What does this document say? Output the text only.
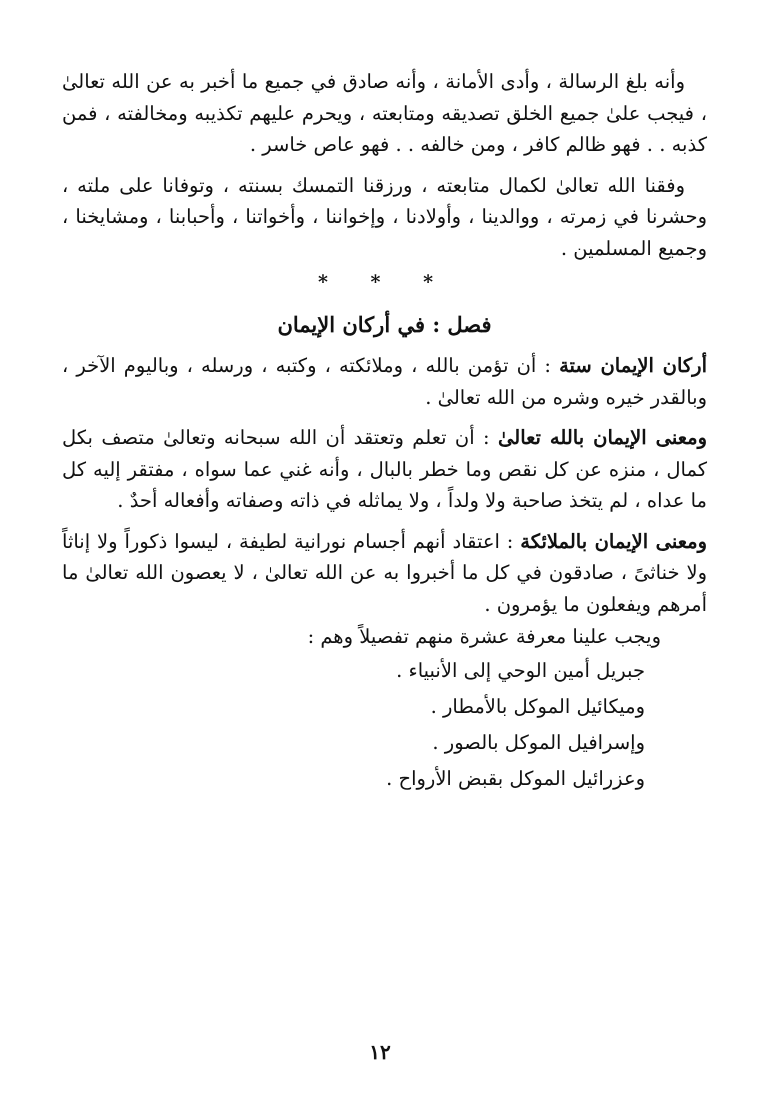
وأنه بلغ الرسالة ، وأدى الأمانة ، وأنه صادق في جميع ما أخبر به عن الله تعالىٰ ، فيجب علىٰ جميع الخلق تصديقه ومتابعته ، ويحرم عليهم تكذيبه ومخالفته ، فمن كذبه . . فهو ظالم كافر ، ومن خالفه . . فهو عاص خاسر .

وفقنا الله تعالىٰ لكمال متابعته ، ورزقنا التمسك بسنته ، وتوفانا على ملته ، وحشرنا في زمرته ، ووالدينا ، وأولادنا ، وإخواننا ، وأخواتنا ، وأحبابنا ، ومشايخنا ، وجميع المسلمين .

* * *
فصل : في أركان الإيمان

أركان الإيمان ستة : أن تؤمن بالله ، وملائكته ، وكتبه ، ورسله ، وباليوم الآخر ، وبالقدر خيره وشره من الله تعالىٰ .

ومعنى الإيمان بالله تعالىٰ : أن تعلم وتعتقد أن الله سبحانه وتعالىٰ متصف بكل كمال ، منزه عن كل نقص وما خطر بالبال ، وأنه غني عما سواه ، مفتقر إليه كل ما عداه ، لم يتخذ صاحبة ولا ولداً ، ولا يماثله في ذاته وصفاته وأفعاله أحدٌ .

ومعنى الإيمان بالملائكة : اعتقاد أنهم أجسام نورانية لطيفة ، ليسوا ذكوراً ولا إناثاً ولا خناثىً ، صادقون في كل ما أخبروا به عن الله تعالىٰ ، لا يعصون الله تعالىٰ ما أمرهم ويفعلون ما يؤمرون .

ويجب علينا معرفة عشرة منهم تفصيلاً وهم :

جبريل أمين الوحي إلى الأنبياء .
وميكائيل الموكل بالأمطار .
وإسرافيل الموكل بالصور .
وعزرائيل الموكل بقبض الأرواح .
١٢
